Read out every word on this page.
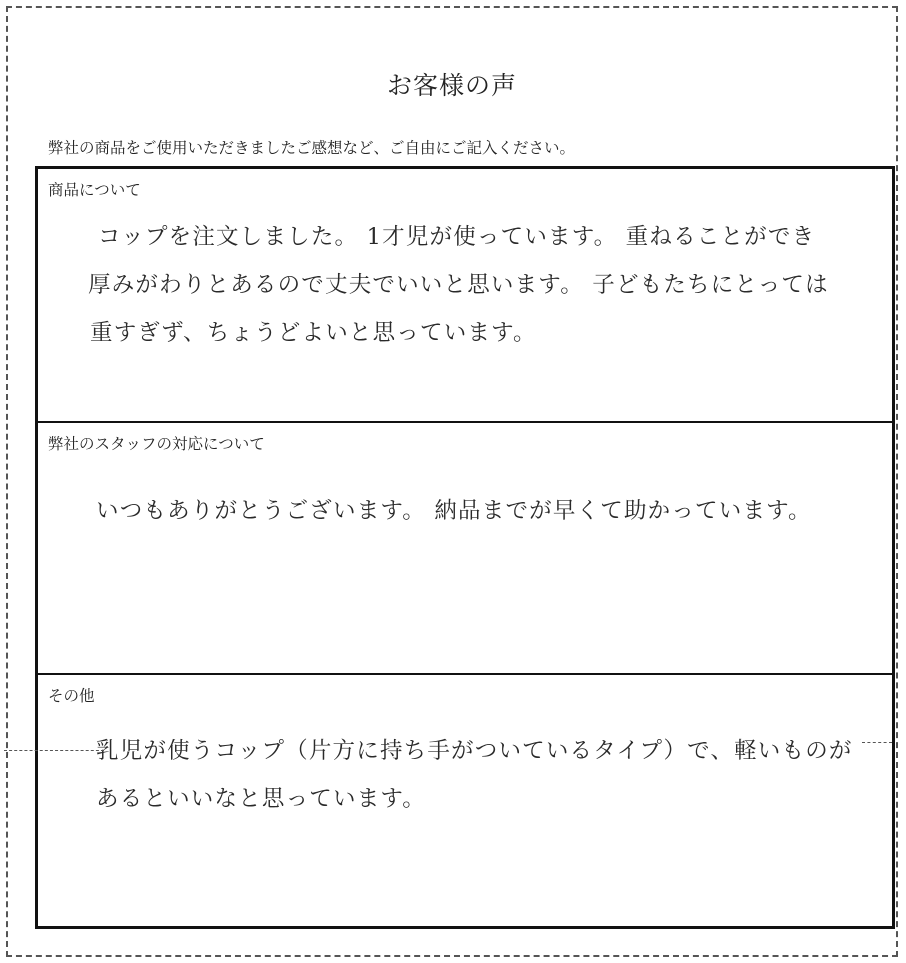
お客様の声
弊社の商品をご使用いただきましたご感想など、ご自由にご記入ください。
商品について
コップを注文しました。 1才児が使っています。 重ねることができ
厚みがわりとあるので丈夫でいいと思います。 子どもたちにとっては
重すぎず、ちょうどよいと思っています。
弊社のスタッフの対応について
いつもありがとうございます。 納品までが早くて助かっています。
その他
乳児が使うコップ（片方に持ち手がついているタイプ）で、軽いものが
あるといいなと思っています。
